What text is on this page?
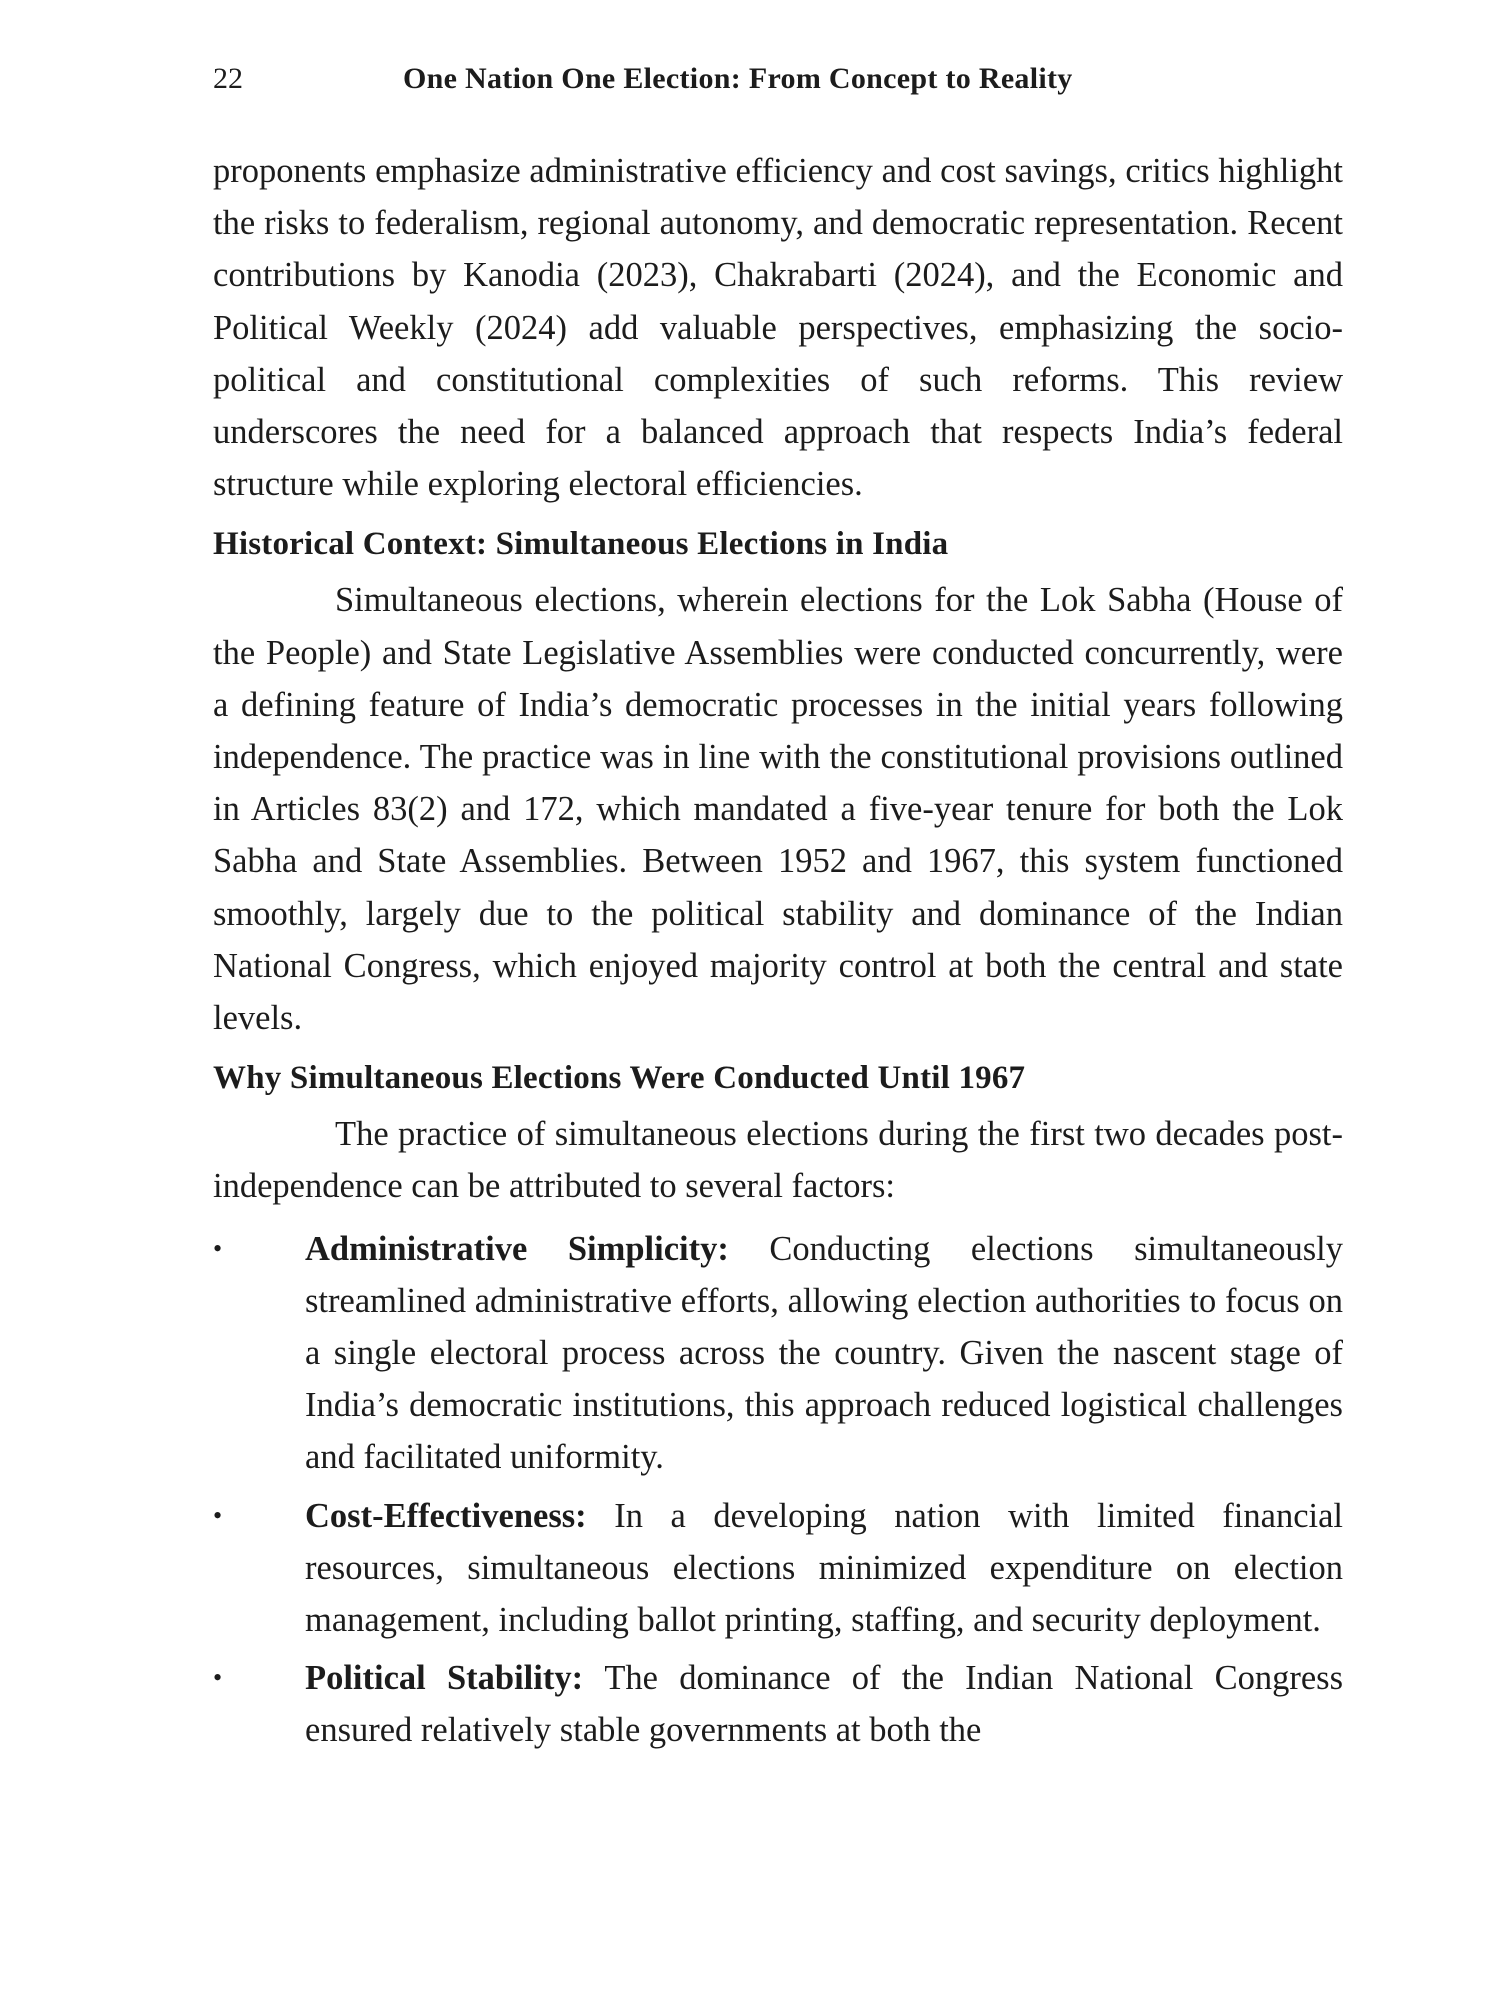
22	One Nation One Election: From Concept to Reality

proponents emphasize administrative efficiency and cost savings, critics highlight the risks to federalism, regional autonomy, and democratic representation. Recent contributions by Kanodia (2023), Chakrabarti (2024), and the Economic and Political Weekly (2024) add valuable perspectives, emphasizing the socio-political and constitutional complexities of such reforms. This review underscores the need for a balanced approach that respects India’s federal structure while exploring electoral efficiencies.

Historical Context: Simultaneous Elections in India

Simultaneous elections, wherein elections for the Lok Sabha (House of the People) and State Legislative Assemblies were conducted concurrently, were a defining feature of India’s democratic processes in the initial years following independence. The practice was in line with the constitutional provisions outlined in Articles 83(2) and 172, which mandated a five-year tenure for both the Lok Sabha and State Assemblies. Between 1952 and 1967, this system functioned smoothly, largely due to the political stability and dominance of the Indian National Congress, which enjoyed majority control at both the central and state levels.

Why Simultaneous Elections Were Conducted Until 1967

The practice of simultaneous elections during the first two decades post-independence can be attributed to several factors:

•	Administrative Simplicity: Conducting elections simultaneously streamlined administrative efforts, allowing election authorities to focus on a single electoral process across the country. Given the nascent stage of India’s democratic institutions, this approach reduced logistical challenges and facilitated uniformity.
•	Cost-Effectiveness: In a developing nation with limited financial resources, simultaneous elections minimized expenditure on election management, including ballot printing, staffing, and security deployment.
•	Political Stability: The dominance of the Indian National Congress ensured relatively stable governments at both the
